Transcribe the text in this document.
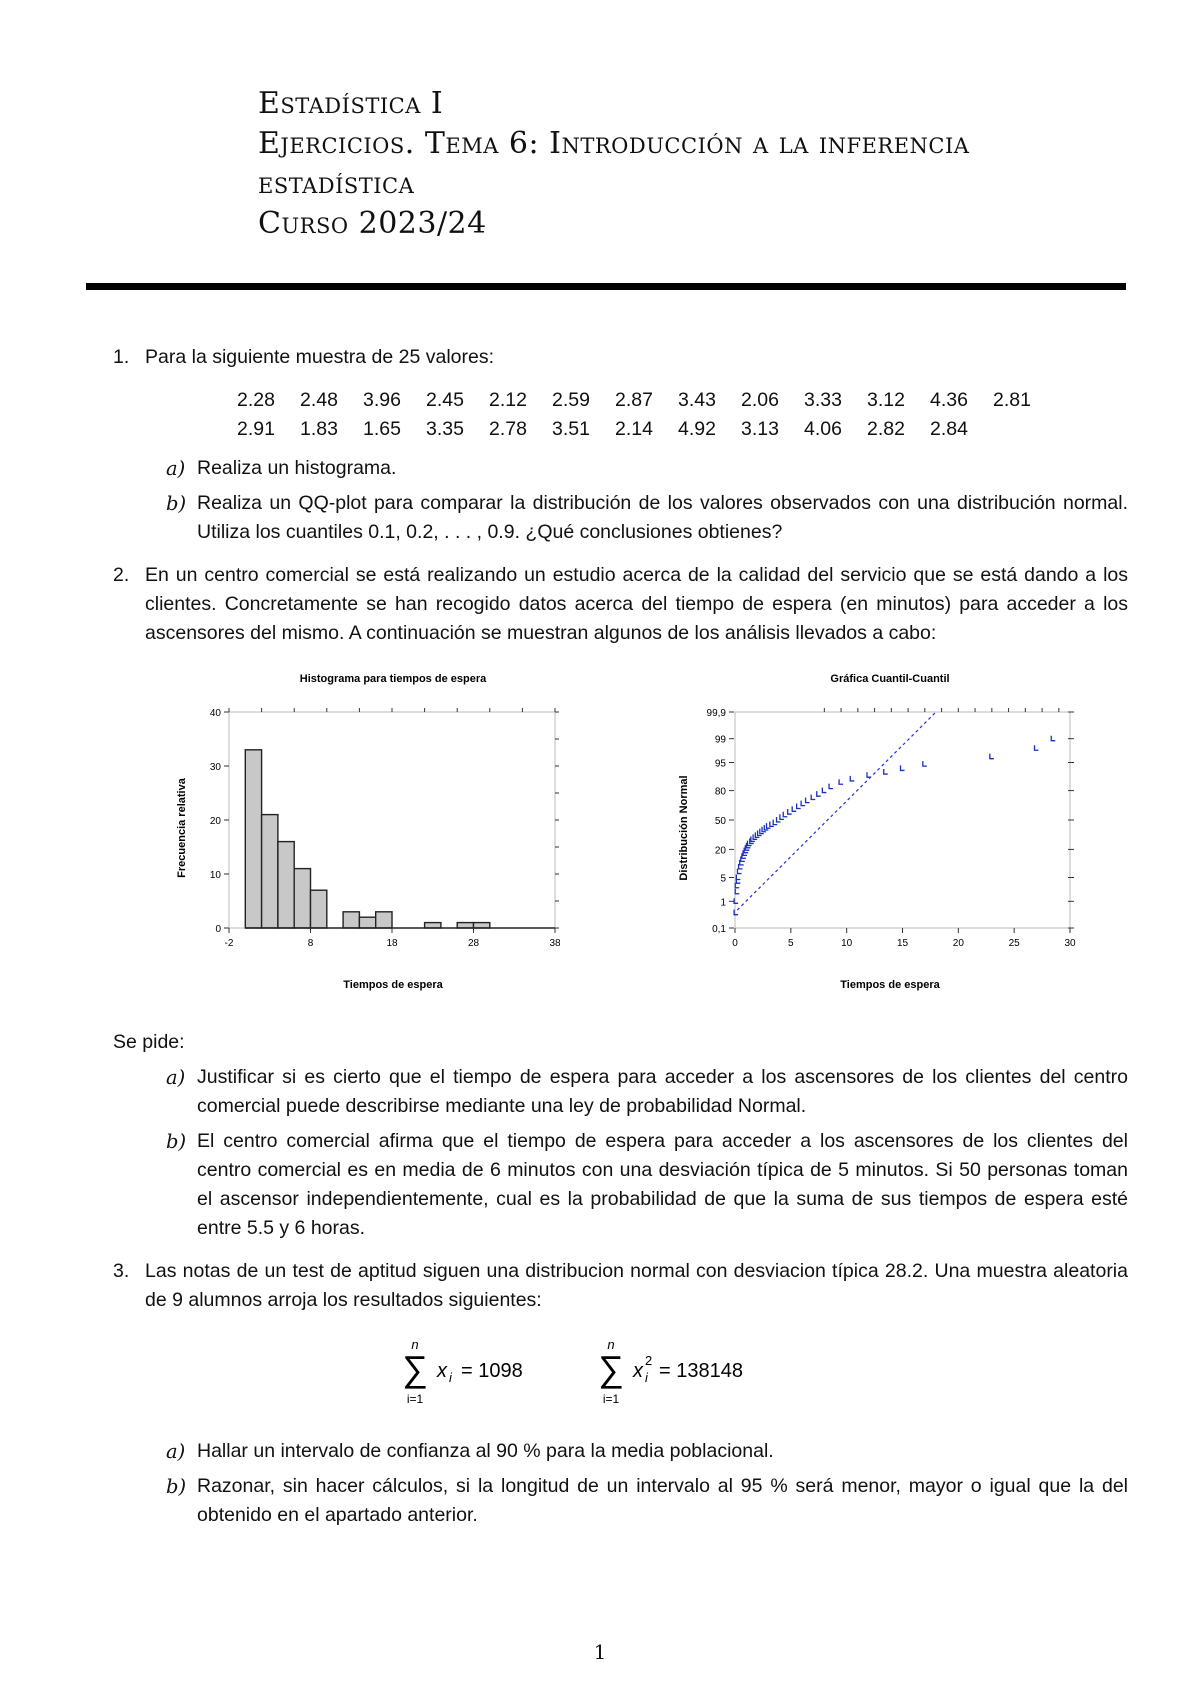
Estadística I
Ejercicios. Tema 6: Introducción a la inferencia
estadística
Curso 2023/24
1. Para la siguiente muestra de 25 valores:
2.28	2.48	3.96	2.45	2.12	2.59	2.87	3.43	2.06	3.33	3.12	4.36	2.81
2.91	1.83	1.65	3.35	2.78	3.51	2.14	4.92	3.13	4.06	2.82	2.84	
a) Realiza un histograma.
b) Realiza un QQ-plot para comparar la distribución de los valores observados con una distribución normal. Utiliza los cuantiles 0.1, 0.2, . . . , 0.9. ¿Qué conclusiones obtienes?
2. En un centro comercial se está realizando un estudio acerca de la calidad del servicio que se está dando a los clientes. Concretamente se han recogido datos acerca del tiempo de espera (en minutos) para acceder a los ascensores del mismo. A continuación se muestran algunos de los análisis llevados a cabo:
Histograma para tiempos de espera
0
10
20
30
40
-2	8	18	28	38
Tiempos de espera
Frecuencia relativa
Gráfica Cuantil-Cuantil
0,1
1
5
20
50
80
95
99
99,9
0	5	10	15	20	25	30
Tiempos de espera
Distribución Normal
Se pide:
a) Justificar si es cierto que el tiempo de espera para acceder a los ascensores de los clientes del centro comercial puede describirse mediante una ley de probabilidad Normal.
b) El centro comercial afirma que el tiempo de espera para acceder a los ascensores de los clientes del centro comercial es en media de 6 minutos con una desviación típica de 5 minutos. Si 50 personas toman el ascensor independientemente, cual es la probabilidad de que la suma de sus tiempos de espera esté entre 5.5 y 6 horas.
3. Las notas de un test de aptitud siguen una distribucion normal con desviacion típica 28.2. Una muestra aleatoria de 9 alumnos arroja los resultados siguientes:
n
∑
i=1
x i = 1098
n
∑
i=1
x i
2 = 138148
a) Hallar un intervalo de confianza al 90 % para la media poblacional.
b) Razonar, sin hacer cálculos, si la longitud de un intervalo al 95 % será menor, mayor o igual que la del obtenido en el apartado anterior.
1
